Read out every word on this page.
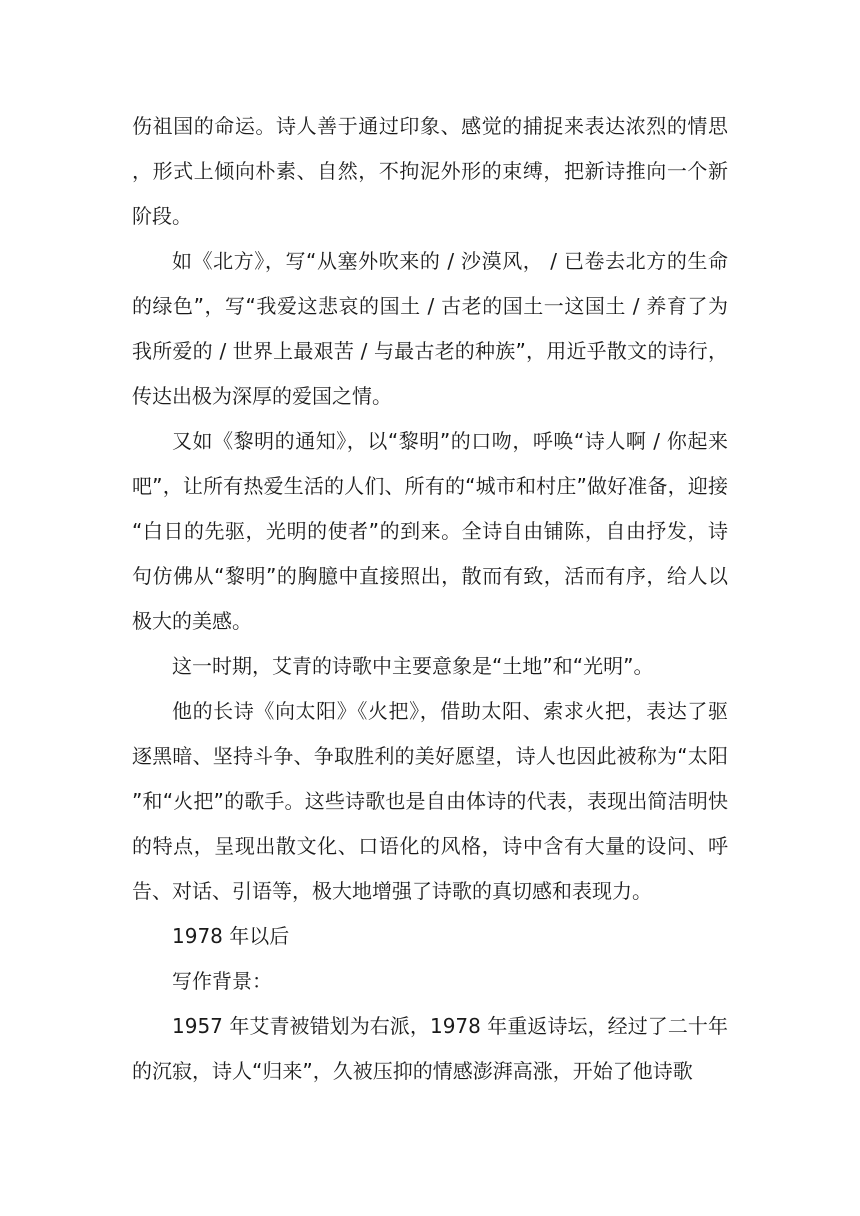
伤祖国的命运。诗人善于通过印象、感觉的捕捉来表达浓烈的情思，形式上倾向朴素、自然，不拘泥外形的束缚，把新诗推向一个新阶段。

如《北方》，写“从塞外吹来的 / 沙漠风， / 已卷去北方的生命的绿色”，写“我爱这悲哀的国土 / 古老的国土一这国土 / 养育了为我所爱的 / 世界上最艰苦 / 与最古老的种族”，用近乎散文的诗行，传达出极为深厚的爱国之情。

又如《黎明的通知》，以“黎明”的口吻，呼唤“诗人啊 / 你起来吧”，让所有热爱生活的人们、所有的“城市和村庄”做好准备，迎接“白日的先驱，光明的使者”的到来。全诗自由铺陈，自由抒发，诗句仿佛从“黎明”的胸臆中直接照出，散而有致，活而有序，给人以极大的美感。

这一时期，艾青的诗歌中主要意象是“土地”和“光明”。

他的长诗《向太阳》《火把》，借助太阳、索求火把，表达了驱逐黑暗、坚持斗争、争取胜利的美好愿望，诗人也因此被称为“太阳”和“火把”的歌手。这些诗歌也是自由体诗的代表，表现出简洁明快的特点，呈现出散文化、口语化的风格，诗中含有大量的设问、呼告、对话、引语等，极大地增强了诗歌的真切感和表现力。

1978 年以后

写作背景：

1957 年艾青被错划为右派，1978 年重返诗坛，经过了二十年的沉寂，诗人“归来”，久被压抑的情感澎湃高涨，开始了他诗歌
